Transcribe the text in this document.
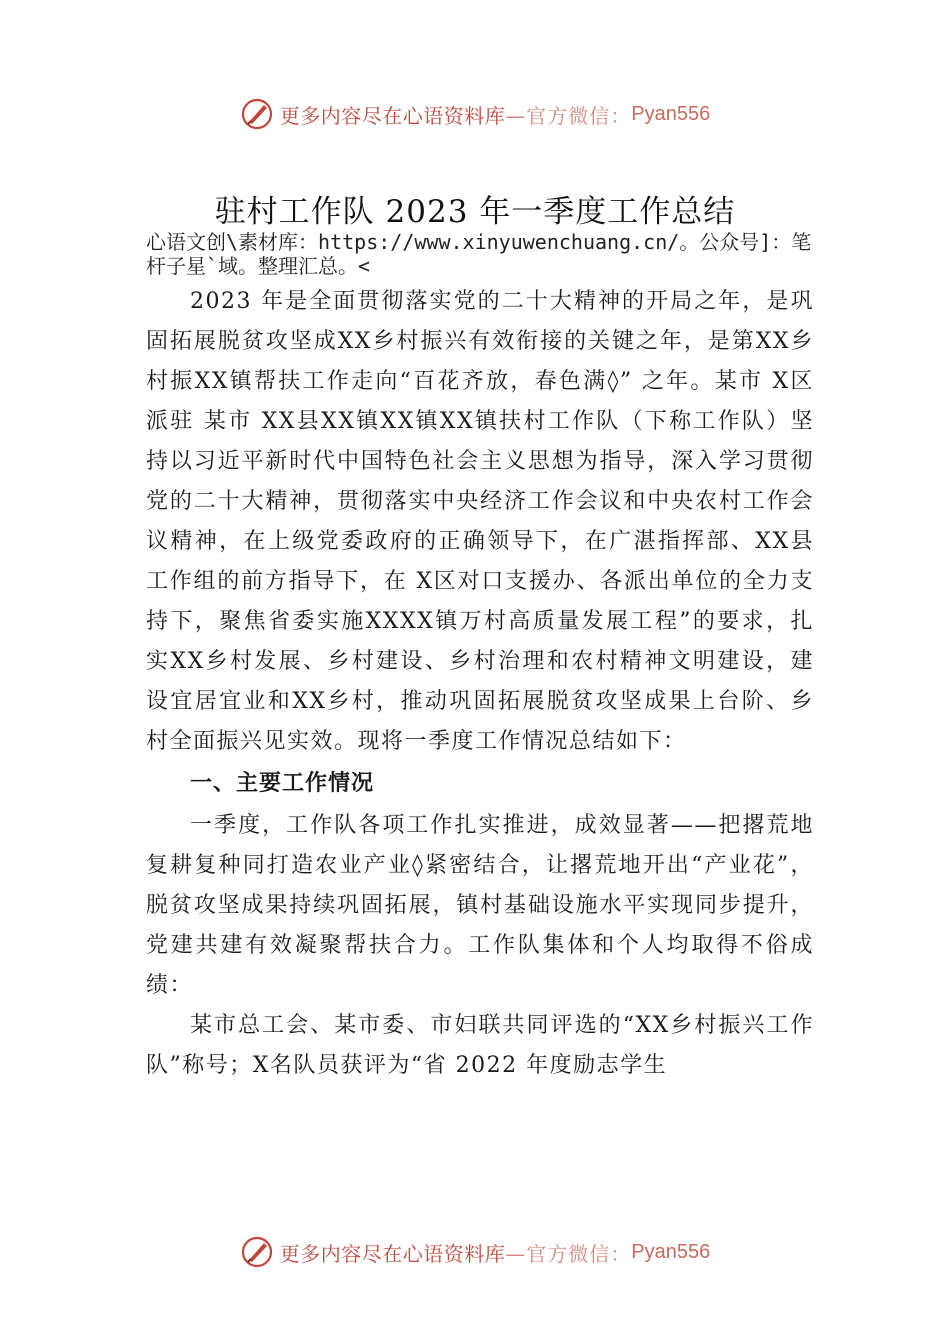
更多内容尽在心语资料库 —官方微信： Pyan556
驻村工作队 2023 年一季度工作总结
心语文创\素材库：https://www.xinyuwenchuang.cn/。公众号]：笔杆子星`域。整理汇总。<

2023 年是全面贯彻落实党的二十大精神的开局之年，是巩固拓展脱贫攻坚成XX乡村振兴有效衔接的关键之年，是第XX乡村振XX镇帮扶工作走向“百花齐放，春色满◊” 之年。某市 X区派驻 某市 XX县XX镇XX镇XX镇扶村工作队（下称工作队）坚持以习近平新时代中国特色社会主义思想为指导，深入学习贯彻党的二十大精神，贯彻落实中央经济工作会议和中央农村工作会议精神，在上级党委政府的正确领导下，在广湛指挥部、XX县工作组的前方指导下，在 X区对口支援办、各派出单位的全力支持下，聚焦省委实施XXXX镇万村高质量发展工程”的要求，扎实XX乡村发展、乡村建设、乡村治理和农村精神文明建设，建设宜居宜业和XX乡村，推动巩固拓展脱贫攻坚成果上台阶、乡村全面振兴见实效。现将一季度工作情况总结如下：

一、主要工作情况

一季度，工作队各项工作扎实推进，成效显著——把撂荒地复耕复种同打造农业产业◊紧密结合，让撂荒地开出“产业花”，脱贫攻坚成果持续巩固拓展，镇村基础设施水平实现同步提升，党建共建有效凝聚帮扶合力。工作队集体和个人均取得不俗成绩：

某市总工会、某市委、市妇联共同评选的“XX乡村振兴工作队”称号；X名队员获评为“省 2022 年度励志学生

更多内容尽在心语资料库 —官方微信： Pyan556
